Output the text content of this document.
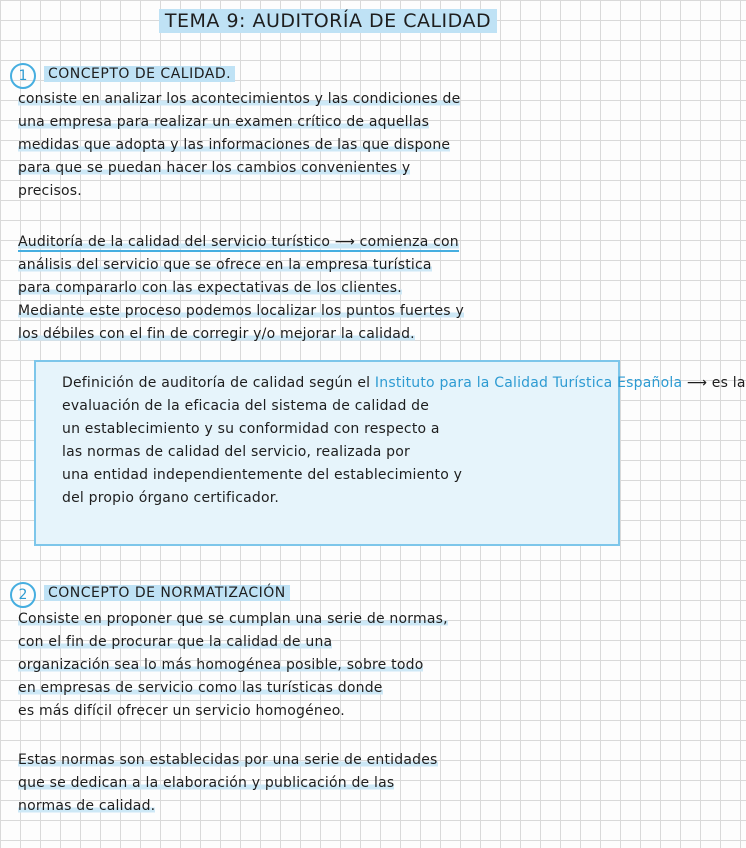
TEMA 9: AUDITORÍA DE CALIDAD
1	CONCEPTO DE CALIDAD.
consiste en analizar los acontecimientos y las condiciones de
una empresa para realizar un examen crítico de aquellas
medidas que adopta y las informaciones de las que dispone
para que se puedan hacer los cambios convenientes y
precisos.
Auditoría de la calidad del servicio turístico ⟶ comienza con
análisis del servicio que se ofrece en la empresa turística
para compararlo con las expectativas de los clientes.
Mediante este proceso podemos localizar los puntos fuertes y
los débiles con el fin de corregir y/o mejorar la calidad.
Definición de auditoría de calidad según el Instituto para la Calidad Turística Española ⟶ es la
evaluación de la eficacia del sistema de calidad de
un establecimiento y su conformidad con respecto a
las normas de calidad del servicio, realizada por
una entidad independientemente del establecimiento y
del propio órgano certificador.
2	CONCEPTO DE NORMATIZACIÓN
Consiste en proponer que se cumplan una serie de normas,
con el fin de procurar que la calidad de una
organización sea lo más homogénea posible, sobre todo
en empresas de servicio como las turísticas donde
es más difícil ofrecer un servicio homogéneo.
Estas normas son establecidas por una serie de entidades
que se dedican a la elaboración y publicación de las
normas de calidad.
